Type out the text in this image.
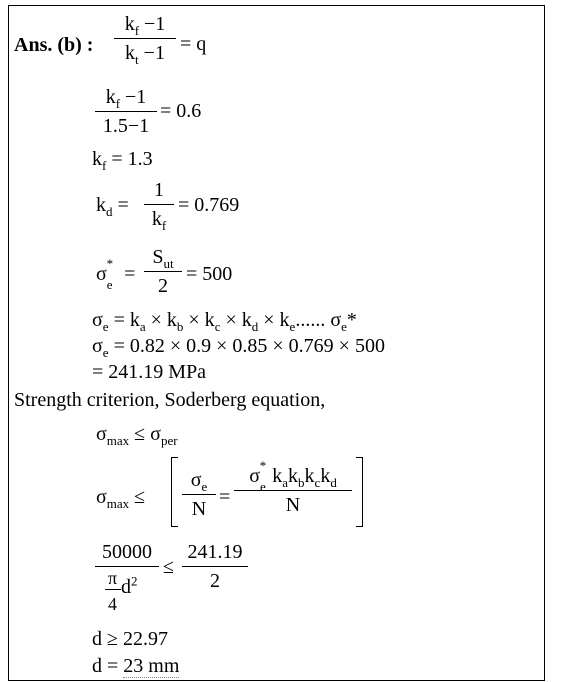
Ans. (b) :
$k_f -1$
$k_t -1 = q$
$k_f -1$
1.5−1
= 0.6
$k_f = 1.3$
$k_d$ =
1
$k_f$
= 0.769
$\sigma_e^*$ =
$S_{ut}$
2
= 500
$\sigma_e = k_a \times k_b \times k_c \times k_d \times k_e$...... $\sigma_e*$
$\sigma_e = 0.82 \times 0.9 \times 0.85 \times 0.769 \times 500$
= 241.19 MPa
Strength criterion, Soderberg equation,
$\sigma_{max} \le \sigma_{per}$
$\sigma_{max}$ ≤
$\sigma_e$
N
=
$\sigma_e^*$ $k_ak_bk_ck_d$
N
50000
π
4
$d^2$
≤
241.19
2
d ≥ 22.97
d = 23 mm
